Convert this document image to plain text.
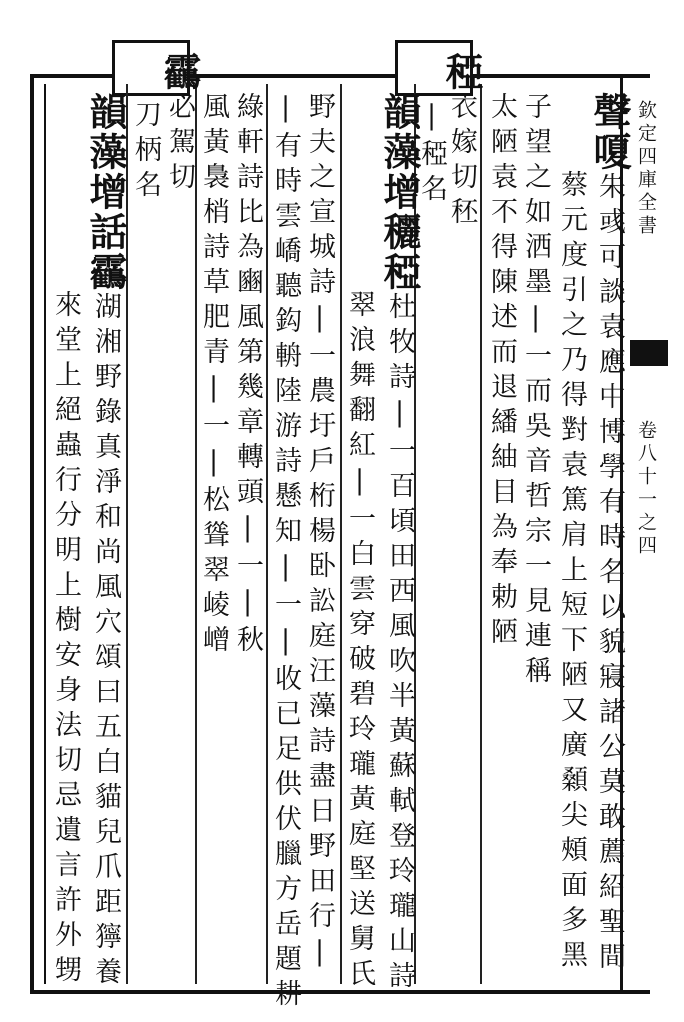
欽定四庫全書
卷八十一之四
聲嗄朱彧可談袁應中博學有時名以貌寢諸公莫敢薦紹聖間
蔡元度引之乃得對袁篤肩上短下陋又廣顙尖頰面多黑
子望之如洒墨|一而吳音哲宗一見連稱
太陋袁不得陳述而退繙紬目為奉勅陋
稏衣嫁切秠
|稏名
韻藻增穲稏杜牧詩|一百頃田西風吹半黃蘇軾登玲瓏山詩
翠浪舞翻紅|一白雲穿破碧玲瓏黃庭堅送舅氏
野夫之宣城詩|一農圩戶桁楊卧訟庭汪藻詩盡日野田行|
|有時雲嶠聽鈎輈陸游詩懸知|一|收已足供伏臘方岳題耕
綠軒詩比為豳風第幾章轉頭|一|秋
風黃裊梢詩草肥青|一|松聳翠崚嶒
靏必駕切
刀柄名
韻藻增話靏湖湘野錄真淨和尚風穴頌曰五白貓兒爪距獰養
來堂上絕蟲行分明上樹安身法切忌遺言許外甥
